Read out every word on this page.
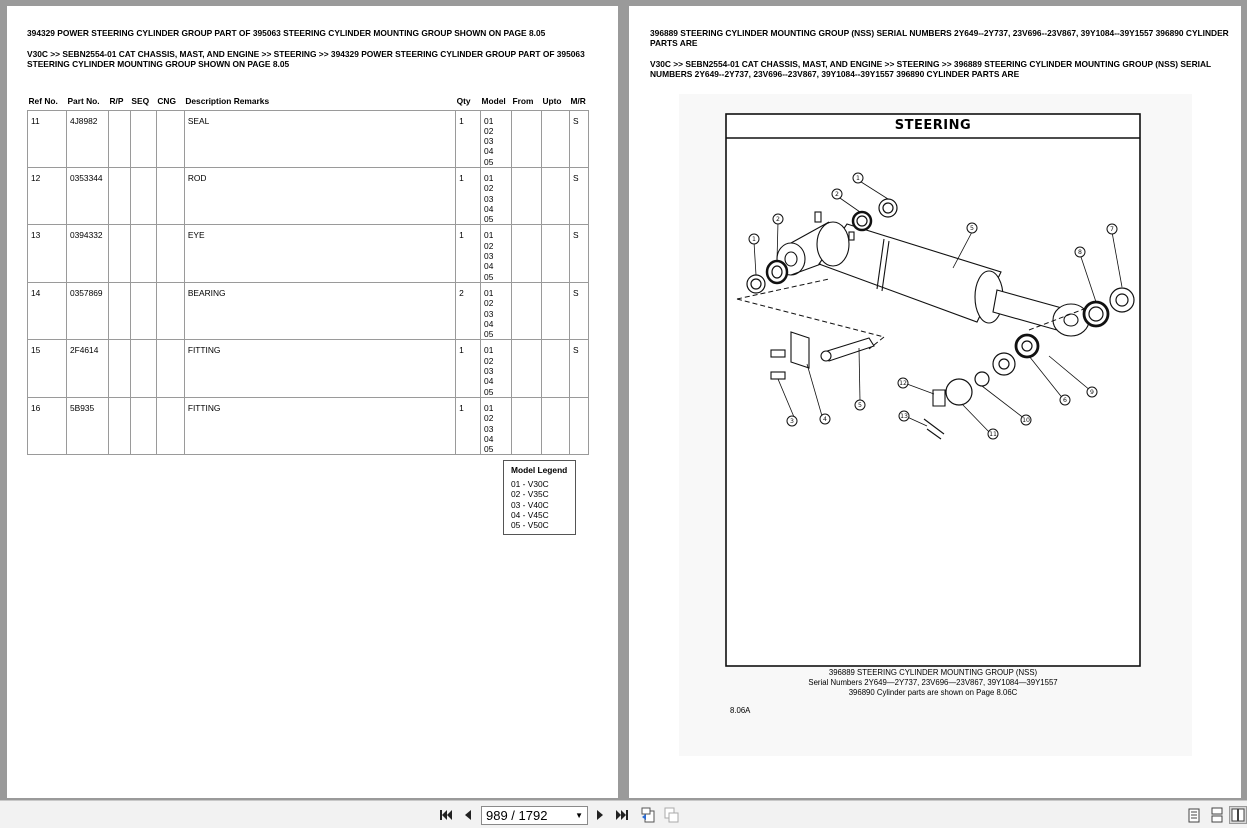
394329 POWER STEERING CYLINDER GROUP PART OF 395063 STEERING CYLINDER MOUNTING GROUP SHOWN ON PAGE 8.05
V30C >> SEBN2554-01 CAT CHASSIS, MAST, AND ENGINE >> STEERING >> 394329 POWER STEERING CYLINDER GROUP PART OF 395063 STEERING CYLINDER MOUNTING GROUP SHOWN ON PAGE 8.05
Ref No.	Part No.	R/P	SEQ	CNG	Description Remarks	Qty	Model	From	Upto	M/R
11	4J8982				SEAL	1	01
02
03
04
05			S
12	0353344				ROD	1	01
02
03
04
05			S
13	0394332				EYE	1	01
02
03
04
05			S
14	0357869				BEARING	2	01
02
03
04
05			S
15	2F4614				FITTING	1	01
02
03
04
05			S
16	5B935				FITTING	1	01
02
03
04
05			
Model Legend
01 - V30C
02 - V35C
03 - V40C
04 - V45C
05 - V50C
396889 STEERING CYLINDER MOUNTING GROUP (NSS) SERIAL NUMBERS 2Y649--2Y737, 23V696--23V867, 39Y1084--39Y1557 396890 CYLINDER PARTS ARE
V30C >> SEBN2554-01 CAT CHASSIS, MAST, AND ENGINE >> STEERING >> 396889 STEERING CYLINDER MOUNTING GROUP (NSS) SERIAL NUMBERS 2Y649--2Y737, 23V696--23V867, 39Y1084--39Y1557 396890 CYLINDER PARTS ARE
1
2
2
1
5	7
8
4
3
5
6
9
12
10
13
11
STEERING
396889 STEERING CYLINDER MOUNTING GROUP (NSS)
Serial Numbers 2Y649—2Y737, 23V696—23V867, 39Y1084—39Y1557
396890 Cylinder parts are shown on Page 8.06C
8.06A
989 / 1792	▼
